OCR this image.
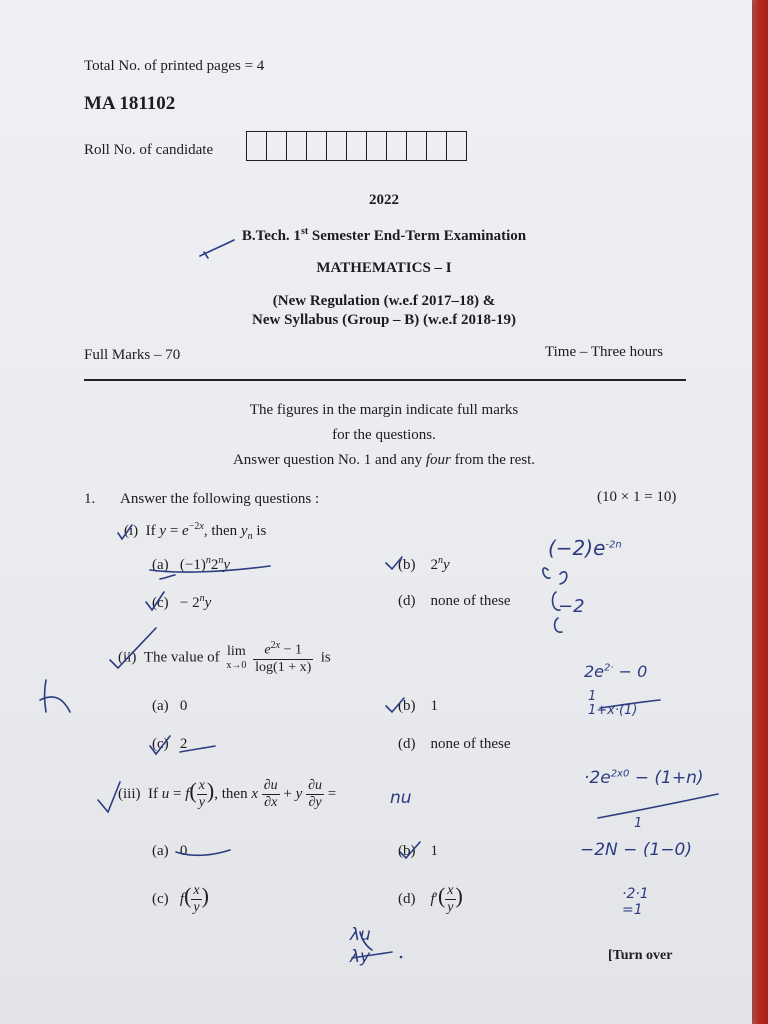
Total No. of printed pages = 4
MA 181102
Roll No. of candidate
2022
B.Tech. 1st Semester End-Term Examination
MATHEMATICS – I
(New Regulation (w.e.f 2017–18) &
New Syllabus (Group – B) (w.e.f 2018-19)
Full Marks – 70	Time – Three hours
The figures in the margin indicate full marks
for the questions.
Answer question No. 1 and any four from the rest.
1. Answer the following questions :	(10 × 1 = 10)
(i)  If $y = e^{-2x}$, then $y_n$ is
(a)   $(-1)^n2^ny$	(b)    2$^n$y
$(c) - 2^ny$	(d) none of these
(ii) The value of lim
x→0
$\frac{e^{2x} - 1}{\log(1 + x)}$ is
(a) 0	(b) 1
(c) 2	(d) none of these
(iii)  If $u = f( \frac{x}{y}$ ), then x $\frac{\partial u}{\partial x} + y \frac{\partial u}{\partial y}$ =
(a) 0	(b) 1
(c)   $f( \frac{x}{y}$ )	(d)    $f'( \frac{x}{y}$ )
[Turn over
$(-2)e^{-2n}$
−2
$2e^{2\cdot} - 0$
1
1+x·(1)
nu
$\cdot 2e^{2x0} - (1+n)$
1
−2N − (1−0)
·2·1
=1
λu
λy
